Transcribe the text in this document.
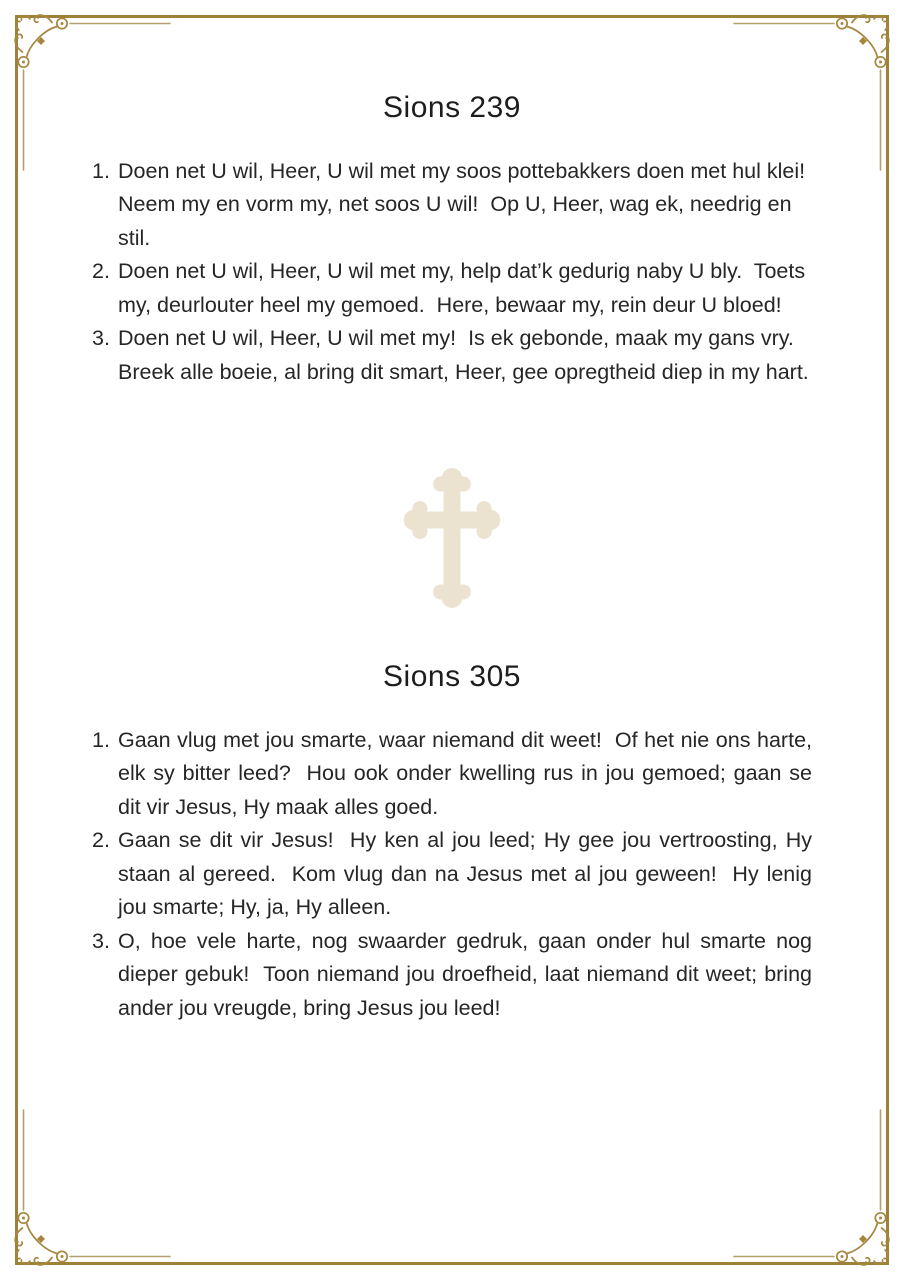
Sions 239
1. Doen net U wil, Heer, U wil met my soos pottebakkers doen met hul klei!  Neem my en vorm my, net soos U wil!  Op U, Heer, wag ek, needrig en stil.
2. Doen net U wil, Heer, U wil met my, help dat’k gedurig naby U bly.  Toets my, deurlouter heel my gemoed.  Here, bewaar my, rein deur U bloed!
3. Doen net U wil, Heer, U wil met my!  Is ek gebonde, maak my gans vry.  Breek alle boeie, al bring dit smart, Heer, gee opregtheid diep in my hart.
Sions 305
1. Gaan vlug met jou smarte, waar niemand dit weet!  Of het nie ons harte, elk sy bitter leed?  Hou ook onder kwelling rus in jou gemoed; gaan se dit vir Jesus, Hy maak alles goed.
2. Gaan se dit vir Jesus!  Hy ken al jou leed; Hy gee jou vertroosting, Hy staan al gereed.  Kom vlug dan na Jesus met al jou geween!  Hy lenig jou smarte; Hy, ja, Hy alleen.
3. O, hoe vele harte, nog swaarder gedruk, gaan onder hul smarte nog dieper gebuk!  Toon niemand jou droefheid, laat niemand dit weet; bring ander jou vreugde, bring Jesus jou leed!
